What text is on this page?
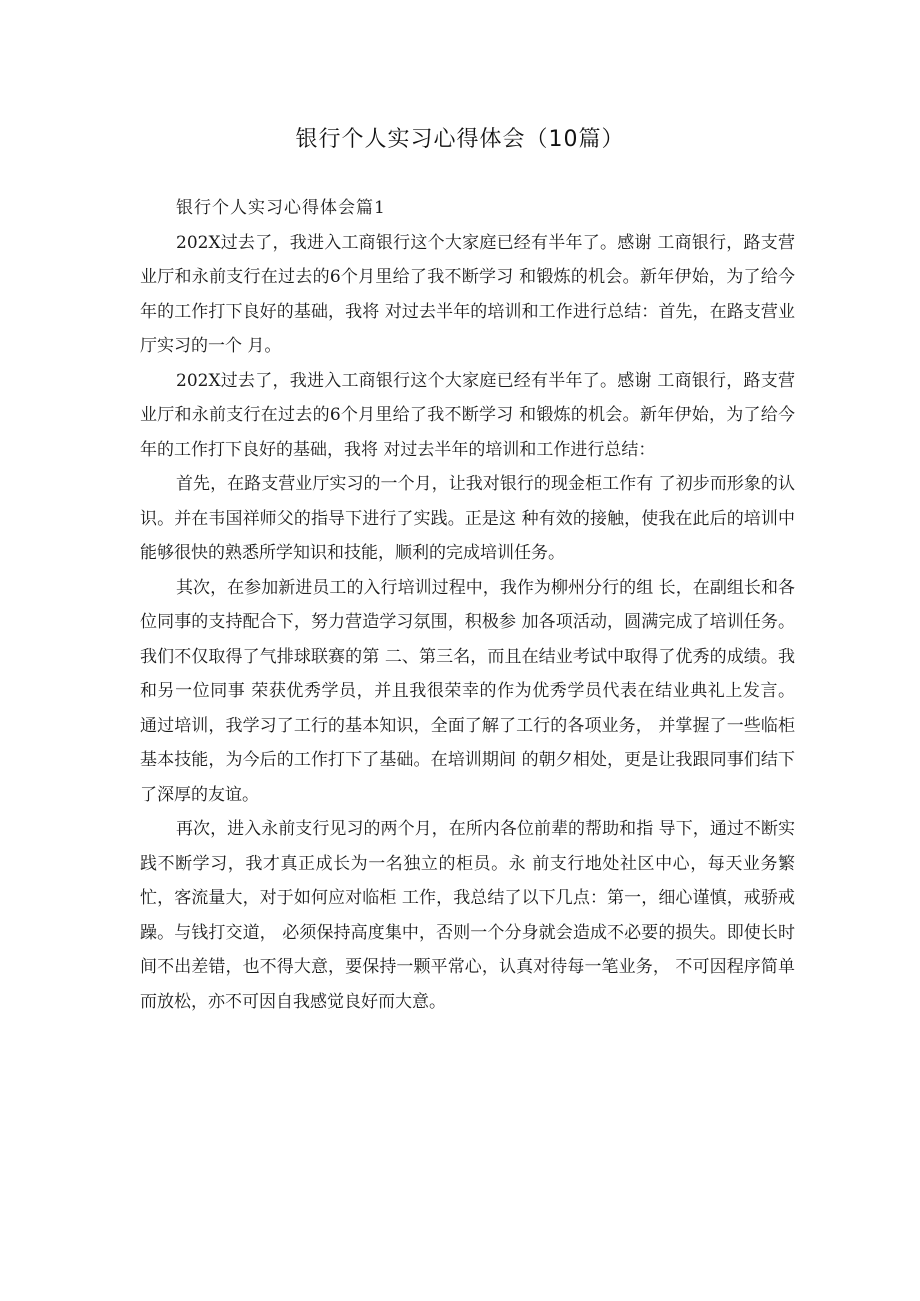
银行个人实习心得体会（10篇）

银行个人实习心得体会篇1

202X过去了，我进入工商银行这个大家庭已经有半年了。感谢 工商银行，路支营业厅和永前支行在过去的6个月里给了我不断学习 和锻炼的机会。新年伊始，为了给今年的工作打下良好的基础，我将 对过去半年的培训和工作进行总结：首先，在路支营业厅实习的一个 月。

202X过去了，我进入工商银行这个大家庭已经有半年了。感谢 工商银行，路支营业厅和永前支行在过去的6个月里给了我不断学习 和锻炼的机会。新年伊始，为了给今年的工作打下良好的基础，我将 对过去半年的培训和工作进行总结：

首先，在路支营业厅实习的一个月，让我对银行的现金柜工作有 了初步而形象的认识。并在韦国祥师父的指导下进行了实践。正是这 种有效的接触，使我在此后的培训中能够很快的熟悉所学知识和技能，顺利的完成培训任务。

其次，在参加新进员工的入行培训过程中，我作为柳州分行的组 长，在副组长和各位同事的支持配合下，努力营造学习氛围，积极参 加各项活动，圆满完成了培训任务。我们不仅取得了气排球联赛的第 二、第三名，而且在结业考试中取得了优秀的成绩。我和另一位同事 荣获优秀学员，并且我很荣幸的作为优秀学员代表在结业典礼上发言。 通过培训，我学习了工行的基本知识，全面了解了工行的各项业务， 并掌握了一些临柜基本技能，为今后的工作打下了基础。在培训期间 的朝夕相处，更是让我跟同事们结下了深厚的友谊。

再次，进入永前支行见习的两个月，在所内各位前辈的帮助和指 导下，通过不断实践不断学习，我才真正成长为一名独立的柜员。永 前支行地处社区中心，每天业务繁忙，客流量大，对于如何应对临柜 工作，我总结了以下几点：第一，细心谨慎，戒骄戒躁。与钱打交道， 必须保持高度集中，否则一个分身就会造成不必要的损失。即使长时 间不出差错，也不得大意，要保持一颗平常心，认真对待每一笔业务， 不可因程序简单而放松，亦不可因自我感觉良好而大意。
